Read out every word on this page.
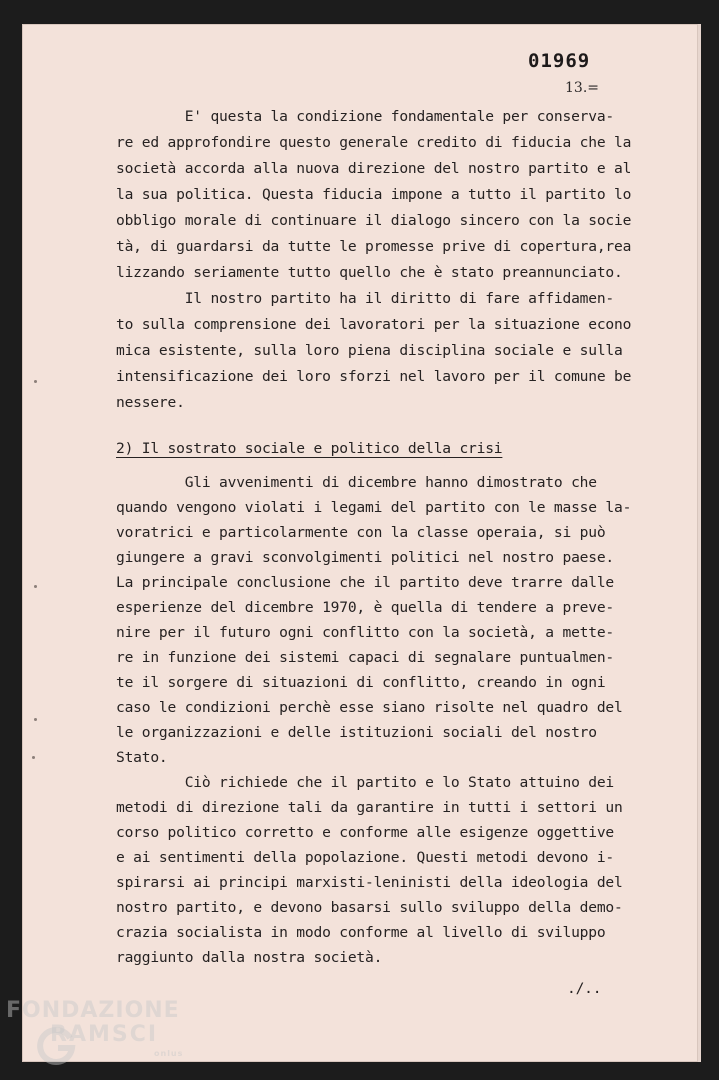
01969
13.=
E' questa la condizione fondamentale per conserva-
re ed approfondire questo generale credito di fiducia che la
società accorda alla nuova direzione del nostro partito e al
la sua politica. Questa fiducia impone a tutto il partito lo
obbligo morale di continuare il dialogo sincero con la socie
tà, di guardarsi da tutte le promesse prive di copertura,rea
lizzando seriamente tutto quello che è stato preannunciato.
Il nostro partito ha il diritto di fare affidamen-
to sulla comprensione dei lavoratori per la situazione econo
mica esistente, sulla loro piena disciplina sociale e sulla
intensificazione dei loro sforzi nel lavoro per il comune be
nessere.
2) Il sostrato sociale e politico della crisi
Gli avvenimenti di dicembre hanno dimostrato che
quando vengono violati i legami del partito con le masse la-
voratrici e particolarmente con la classe operaia, si può
giungere a gravi sconvolgimenti politici nel nostro paese.
La principale conclusione che il partito deve trarre dalle
esperienze del dicembre 1970, è quella di tendere a preve-
nire per il futuro ogni conflitto con la società, a mette-
re in funzione dei sistemi capaci di segnalare puntualmen-
te il sorgere di situazioni di conflitto, creando in ogni
caso le condizioni perchè esse siano risolte nel quadro del
le organizzazioni e delle istituzioni sociali del nostro
Stato.
Ciò richiede che il partito e lo Stato attuino dei
metodi di direzione tali da garantire in tutti i settori un
corso politico corretto e conforme alle esigenze oggettive
e ai sentimenti della popolazione. Questi metodi devono i-
spirarsi ai principi marxisti-leninisti della ideologia del
nostro partito, e devono basarsi sullo sviluppo della demo-
crazia socialista in modo conforme al livello di sviluppo
raggiunto dalla nostra società.
./..
FONDAZIONE
RAMSCI
onlus
